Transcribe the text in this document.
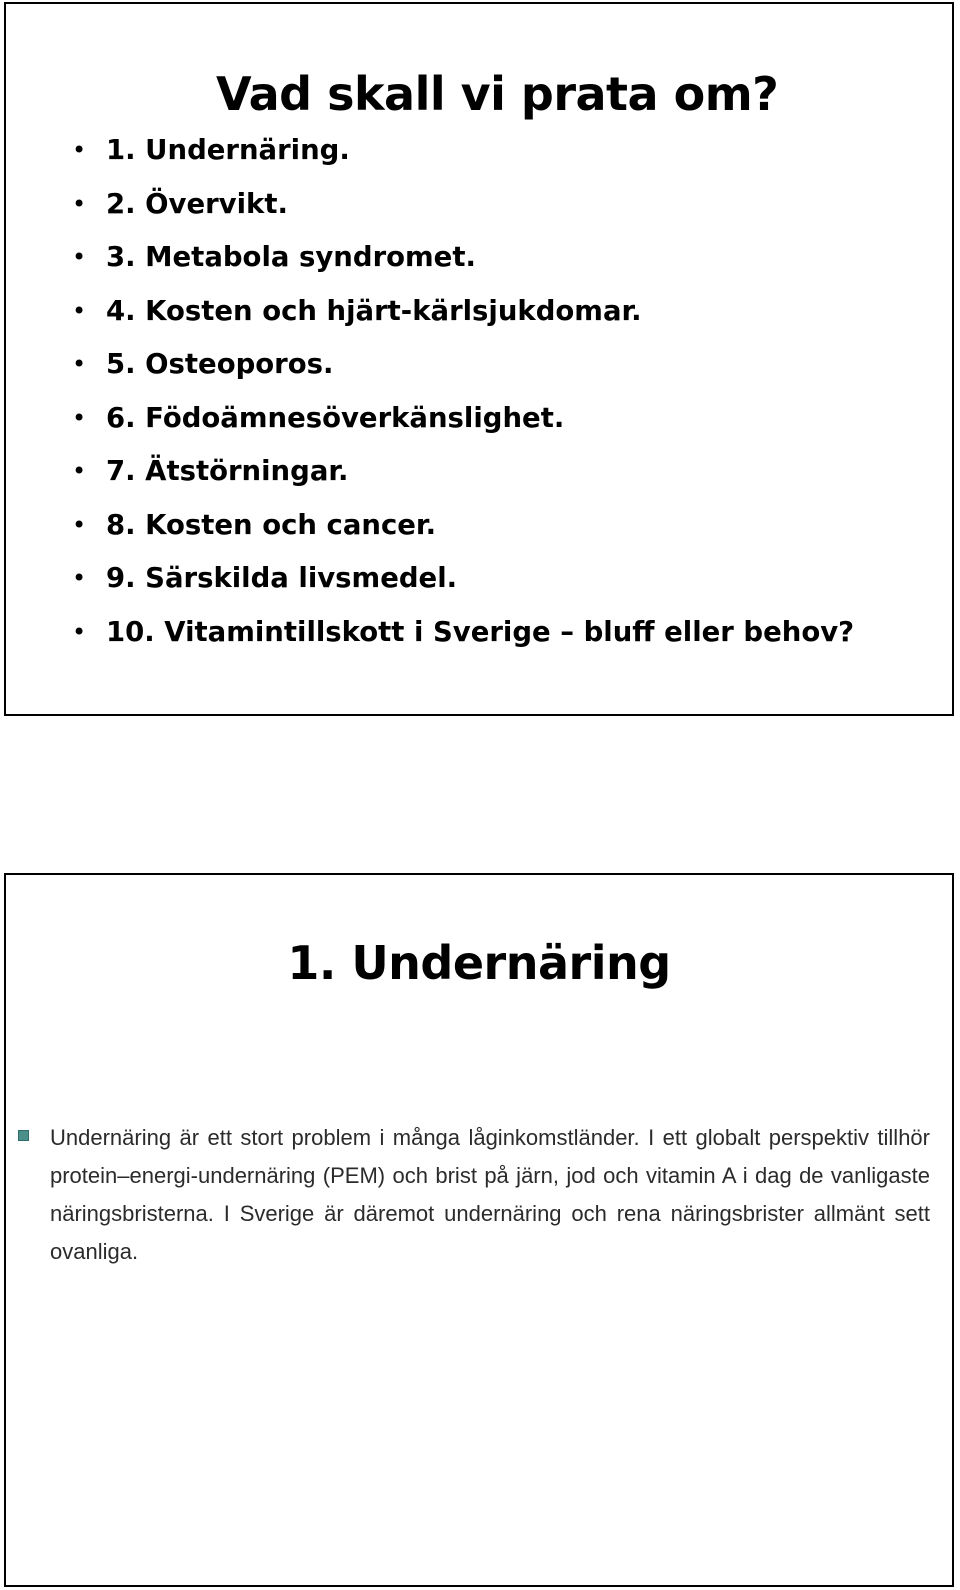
Vad skall vi prata om?
• 1. Undernäring.
• 2. Övervikt.
• 3. Metabola syndromet.
• 4. Kosten och hjärt-kärlsjukdomar.
• 5. Osteoporos.
• 6. Födoämnesöverkänslighet.
• 7. Ätstörningar.
• 8. Kosten och cancer.
• 9. Särskilda livsmedel.
• 10. Vitamintillskott i Sverige – bluff eller behov?
1. Undernäring

Undernäring är ett stort problem i många låginkomstländer. I ett globalt perspektiv tillhör protein–energi-undernäring (PEM) och brist på järn, jod och vitamin A i dag de vanligaste näringsbristerna. I Sverige är däremot undernäring och rena näringsbrister allmänt sett ovanliga.
